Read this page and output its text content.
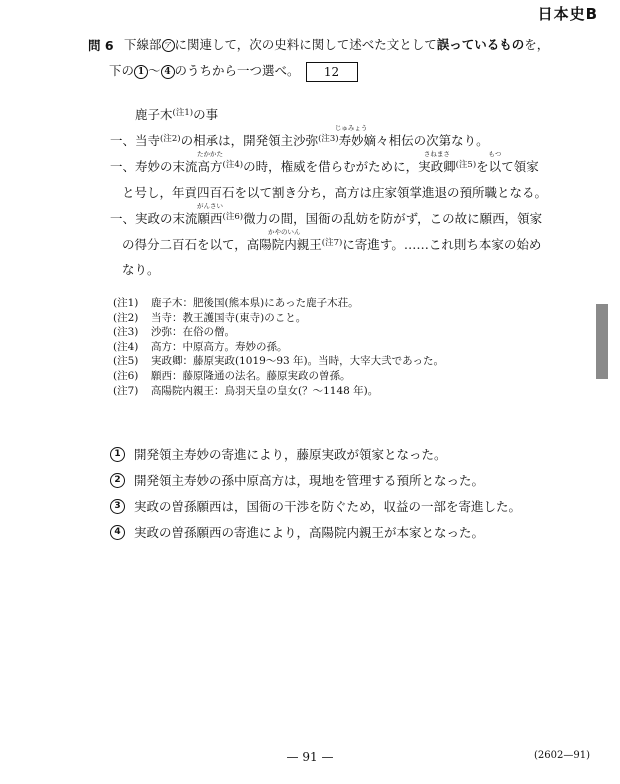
日本史B
問 6 下線部 ア に関連して，次の史料に関して述べた文として誤っているものを，
下の 1 ～ 4 のうちから一つ選べ。 12
鹿子木$^{(注1)}$の事
一、当寺$^{(注2)}$の相承は，開発領主沙弥$^{(注3)}$寿妙
じゅみょう
嫡々相伝の次第なり。
一、寿妙の末流高方
たかかた
$^{(注4)}$の時，権威を借らむがために，実政卿
さねまさ
$^{(注5)}$を以
もつ
て領家
と号し，年貢四百石を以て割き分ち，高方は庄家領掌進退の預所職となる。
一、実政の末流願西
がんさい
$^{(注6)}$微力の間，国衙の乱妨を防がず，この故に願西，領家
の得分二百石を以て，高陽院内親王
かやのいん
$^{(注7)}$に寄進す。……これ則ち本家の始め
なり。
(注1) 鹿子木：肥後国(熊本県)にあった鹿子木荘。
(注2) 当寺：教王護国寺(東寺)のこと。
(注3) 沙弥：在俗の僧。
(注4) 高方：中原高方。寿妙の孫。
(注5) 実政卿：藤原実政(1019～93 年)。当時，大宰大弐であった。
(注6) 願西：藤原隆通の法名。藤原実政の曽孫。
(注7) 高陽院内親王：鳥羽天皇の皇女(？～1148 年)。
1	開発領主寿妙の寄進により，藤原実政が領家となった。
2	開発領主寿妙の孫中原高方は，現地を管理する預所となった。
3	実政の曽孫願西は，国衙の干渉を防ぐため，収益の一部を寄進した。
4	実政の曽孫願西の寄進により，高陽院内親王が本家となった。
— 91 —	(2602—91)
